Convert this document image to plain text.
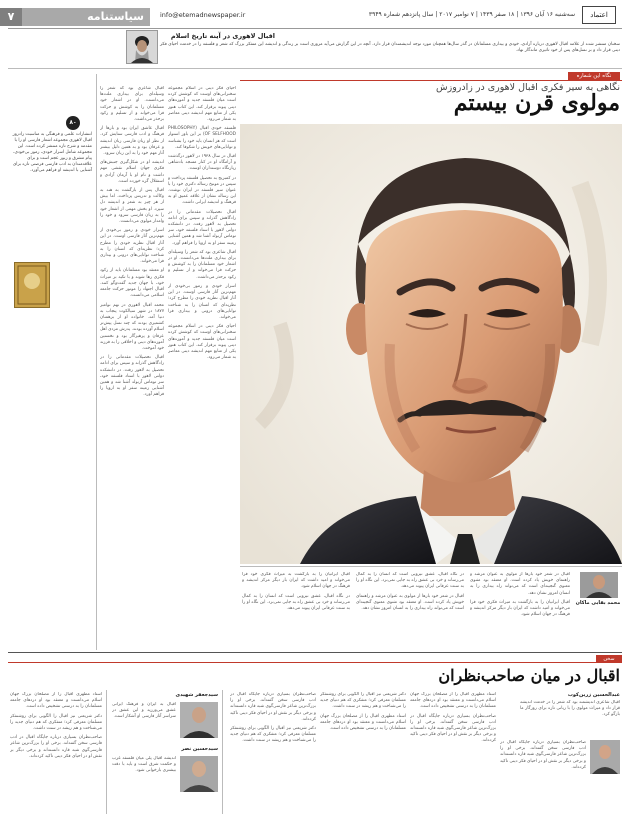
۷	سیاستنامه info@etemadnewspaper.ir	سه‌شنبه ۱۶ آبان ۱۳۹۶ | ۱۸ صفر ۱۴۳۹ | ۷ نوامبر ۲۰۱۷ | سال پانزدهم شماره ۳۹۴۹	اعتماد
اقبال لاهوری در آینه تاریخ اسلام
سخنان منتشر شده از علامه اقبال لاهوری درباره آزادی، خودی و بیداری مسلمانان در گذر سال‌ها همچنان مورد توجه اندیشمندان قرار دارد. آنچه در این گزارش می‌آید مروری است بر زندگی و اندیشه این متفکر بزرگ که شعر و فلسفه را در خدمت احیای فکر دینی قرار داد و بر نسل‌های پس از خود تاثیری ماندگار نهاد.
نگاه این شماره
نگاهی به سیر فکری اقبال لاهوری در زادروزش
مولوی قرن بیستم

اقبال شاعری بود که شعر را وسیله‌ای برای بیداری ملت‌ها می‌دانست. او در اشعار خود مسلمانان را به کوشش و حرکت فرا می‌خواند و از تسلیم و رکود برحذر می‌داشت.

اقبال عاشق ایران بود و بارها از فرهنگ و ادب فارسی ستایش کرد. از نظر او زبان فارسی زبان اندیشه و عرفان بود و به همین دلیل بیشتر آثار مهم خود را به این زبان سرود.

اندیشه او در شکل‌گیری جنبش‌های فکری جهان اسلام نقشی مهم داشت و نام او با آرمان آزادی و استقلال گره خورده است.

اقبال پس از بازگشت به هند به وکالت و تدریس پرداخت، اما بیش از هر چیز به شعر و اندیشه دل سپرد. او بخش مهمی از اشعار خود را به زبان فارسی سرود و خود را وامدار مولوی می‌دانست.

اسرار خودی و رموز بی‌خودی از مهم‌ترین آثار فارسی اوست. در این آثار اقبال نظریه خودی را مطرح کرد؛ نظریه‌ای که انسان را به شناخت توانایی‌های درونی و بیداری فرا می‌خواند.

او معتقد بود مسلمانان باید از رکود فکری رها شوند و با تکیه بر میراث خود، با جهان جدید گفت‌وگو کنند. اقبال اجتهاد را موتور حرکت جامعه اسلامی می‌دانست.

محمد اقبال لاهوری در نهم نوامبر ۱۸۷۷ در شهر سیالکوت پنجاب به دنیا آمد. خانواده او از برهمنان کشمیری بودند که چند نسل پیش‌تر اسلام آورده بودند. پدرش مردی اهل عرفان و پرهیزگار بود و نخستین آموزه‌های دینی و اخلاقی را به فرزند خود آموخت.

اقبال تحصیلات مقدماتی را در زادگاهش گذراند و سپس برای ادامه تحصیل به لاهور رفت. در دانشکده دولتی لاهور با استاد فلسفه خود، سر توماس آرنولد آشنا شد و همین آشنایی زمینه سفر او به اروپا را فراهم آورد.

احیای فکر دینی در اسلام مجموعه سخنرانی‌های اوست که کوشش کرده است میان فلسفه جدید و آموزه‌های دینی پیوند برقرار کند. این کتاب هنوز یکی از منابع مهم اندیشه دینی معاصر به شمار می‌رود.

فلسفه خودی اقبال (PHILOSOPHY OF SELFHOOD) بر این باور استوار است که هر انسان باید خود را بشناسد و توانایی‌های خویش را شکوفا کند.

اقبال در سال ۱۹۳۸ در لاهور درگذشت و آرامگاه او در کنار مسجد بادشاهی زیارتگاه دوستداران اوست.

در کمبریج به تحصیل فلسفه پرداخت و سپس در مونیخ رساله دکتری خود را با عنوان سیر فلسفه در ایران نوشت. این رساله نشان از علاقه عمیق او به فرهنگ و اندیشه ایرانی داشت.

اقبال تحصیلات مقدماتی را در زادگاهش گذراند و سپس برای ادامه تحصیل به لاهور رفت. در دانشکده دولتی لاهور با استاد فلسفه خود، سر توماس آرنولد آشنا شد و همین آشنایی زمینه سفر او به اروپا را فراهم آورد.

اقبال شاعری بود که شعر را وسیله‌ای برای بیداری ملت‌ها می‌دانست. او در اشعار خود مسلمانان را به کوشش و حرکت فرا می‌خواند و از تسلیم و رکود برحذر می‌داشت.

اسرار خودی و رموز بی‌خودی از مهم‌ترین آثار فارسی اوست. در این آثار اقبال نظریه خودی را مطرح کرد؛ نظریه‌ای که انسان را به شناخت توانایی‌های درونی و بیداری فرا می‌خواند.

احیای فکر دینی در اسلام مجموعه سخنرانی‌های اوست که کوشش کرده است میان فلسفه جدید و آموزه‌های دینی پیوند برقرار کند. این کتاب هنوز یکی از منابع مهم اندیشه دینی معاصر به شمار می‌رود.

۸۰
انتشارات علمی و فرهنگی به مناسبت زادروز اقبال لاهوری مجموعه اشعار فارسی او را با مقدمه و شرح تازه منتشر کرده است. این مجموعه شامل اسرار خودی، رموز بی‌خودی، پیام مشرق و زبور عجم است و برای علاقه‌مندان به ادب فارسی فرصتی تازه برای آشنایی با اندیشه او فراهم می‌آورد.
محمد بقایی ماکان

اقبال در شعر خود بارها از مولوی به عنوان مرشد و راهنمای خویش یاد کرده است. او معتقد بود مثنوی معنوی گنجینه‌ای است که می‌تواند راه بیداری را به انسان امروز نشان دهد.

اقبال ایرانیان را به بازگشت به میراث فکری خود فرا می‌خواند و امید داشت که ایران بار دیگر مرکز اندیشه و فرهنگ در جهان اسلام شود.

در نگاه اقبال، عشق نیرویی است که انسان را به کمال می‌رساند و خرد بی عشق راه به جایی نمی‌برد. این نگاه او را به سنت عرفانی ایران پیوند می‌دهد.

اقبال در شعر خود بارها از مولوی به عنوان مرشد و راهنمای خویش یاد کرده است. او معتقد بود مثنوی معنوی گنجینه‌ای است که می‌تواند راه بیداری را به انسان امروز نشان دهد.

اقبال ایرانیان را به بازگشت به میراث فکری خود فرا می‌خواند و امید داشت که ایران بار دیگر مرکز اندیشه و فرهنگ در جهان اسلام شود.

در نگاه اقبال، عشق نیرویی است که انسان را به کمال می‌رساند و خرد بی عشق راه به جایی نمی‌برد. این نگاه او را به سنت عرفانی ایران پیوند می‌دهد.

سخن
اقبال در میان صاحب‌نظران
عبدالحسین زرین‌کوب

اقبال شاعری اندیشمند بود که شعر را در خدمت اندیشه قرار داد و میراث مولوی را با زبانی تازه برای روزگار ما بازگو کرد.

صاحب‌نظران بسیاری درباره جایگاه اقبال در ادب فارسی سخن گفته‌اند. برخی او را بزرگ‌ترین شاعر فارسی‌گوی شبه قاره دانسته‌اند و برخی دیگر بر نقش او در احیای فکر دینی تاکید کرده‌اند.

استاد مطهری اقبال را از مصلحان بزرگ جهان اسلام می‌دانست و معتقد بود او دردهای جامعه مسلمانان را به درستی تشخیص داده است.

صاحب‌نظران بسیاری درباره جایگاه اقبال در ادب فارسی سخن گفته‌اند. برخی او را بزرگ‌ترین شاعر فارسی‌گوی شبه قاره دانسته‌اند و برخی دیگر بر نقش او در احیای فکر دینی تاکید کرده‌اند.

دکتر شریعتی نیز اقبال را الگویی برای روشنفکر مسلمان معرفی کرد؛ متفکری که هم دنیای جدید را می‌شناخت و هم ریشه در سنت داشت.

استاد مطهری اقبال را از مصلحان بزرگ جهان اسلام می‌دانست و معتقد بود او دردهای جامعه مسلمانان را به درستی تشخیص داده است.

صاحب‌نظران بسیاری درباره جایگاه اقبال در ادب فارسی سخن گفته‌اند. برخی او را بزرگ‌ترین شاعر فارسی‌گوی شبه قاره دانسته‌اند و برخی دیگر بر نقش او در احیای فکر دینی تاکید کرده‌اند.

دکتر شریعتی نیز اقبال را الگویی برای روشنفکر مسلمان معرفی کرد؛ متفکری که هم دنیای جدید را می‌شناخت و هم ریشه در سنت داشت.

سیدجعفر شهیدی

اقبال به ایران و فرهنگ ایرانی عشق می‌ورزید و این عشق در سراسر آثار فارسی او آشکار است.

سیدحسین نصر

اندیشه اقبال پلی میان فلسفه غرب و حکمت شرق است و باید با دقت بیشتری بازخوانی شود.

استاد مطهری اقبال را از مصلحان بزرگ جهان اسلام می‌دانست و معتقد بود او دردهای جامعه مسلمانان را به درستی تشخیص داده است.

دکتر شریعتی نیز اقبال را الگویی برای روشنفکر مسلمان معرفی کرد؛ متفکری که هم دنیای جدید را می‌شناخت و هم ریشه در سنت داشت.

صاحب‌نظران بسیاری درباره جایگاه اقبال در ادب فارسی سخن گفته‌اند. برخی او را بزرگ‌ترین شاعر فارسی‌گوی شبه قاره دانسته‌اند و برخی دیگر بر نقش او در احیای فکر دینی تاکید کرده‌اند.
